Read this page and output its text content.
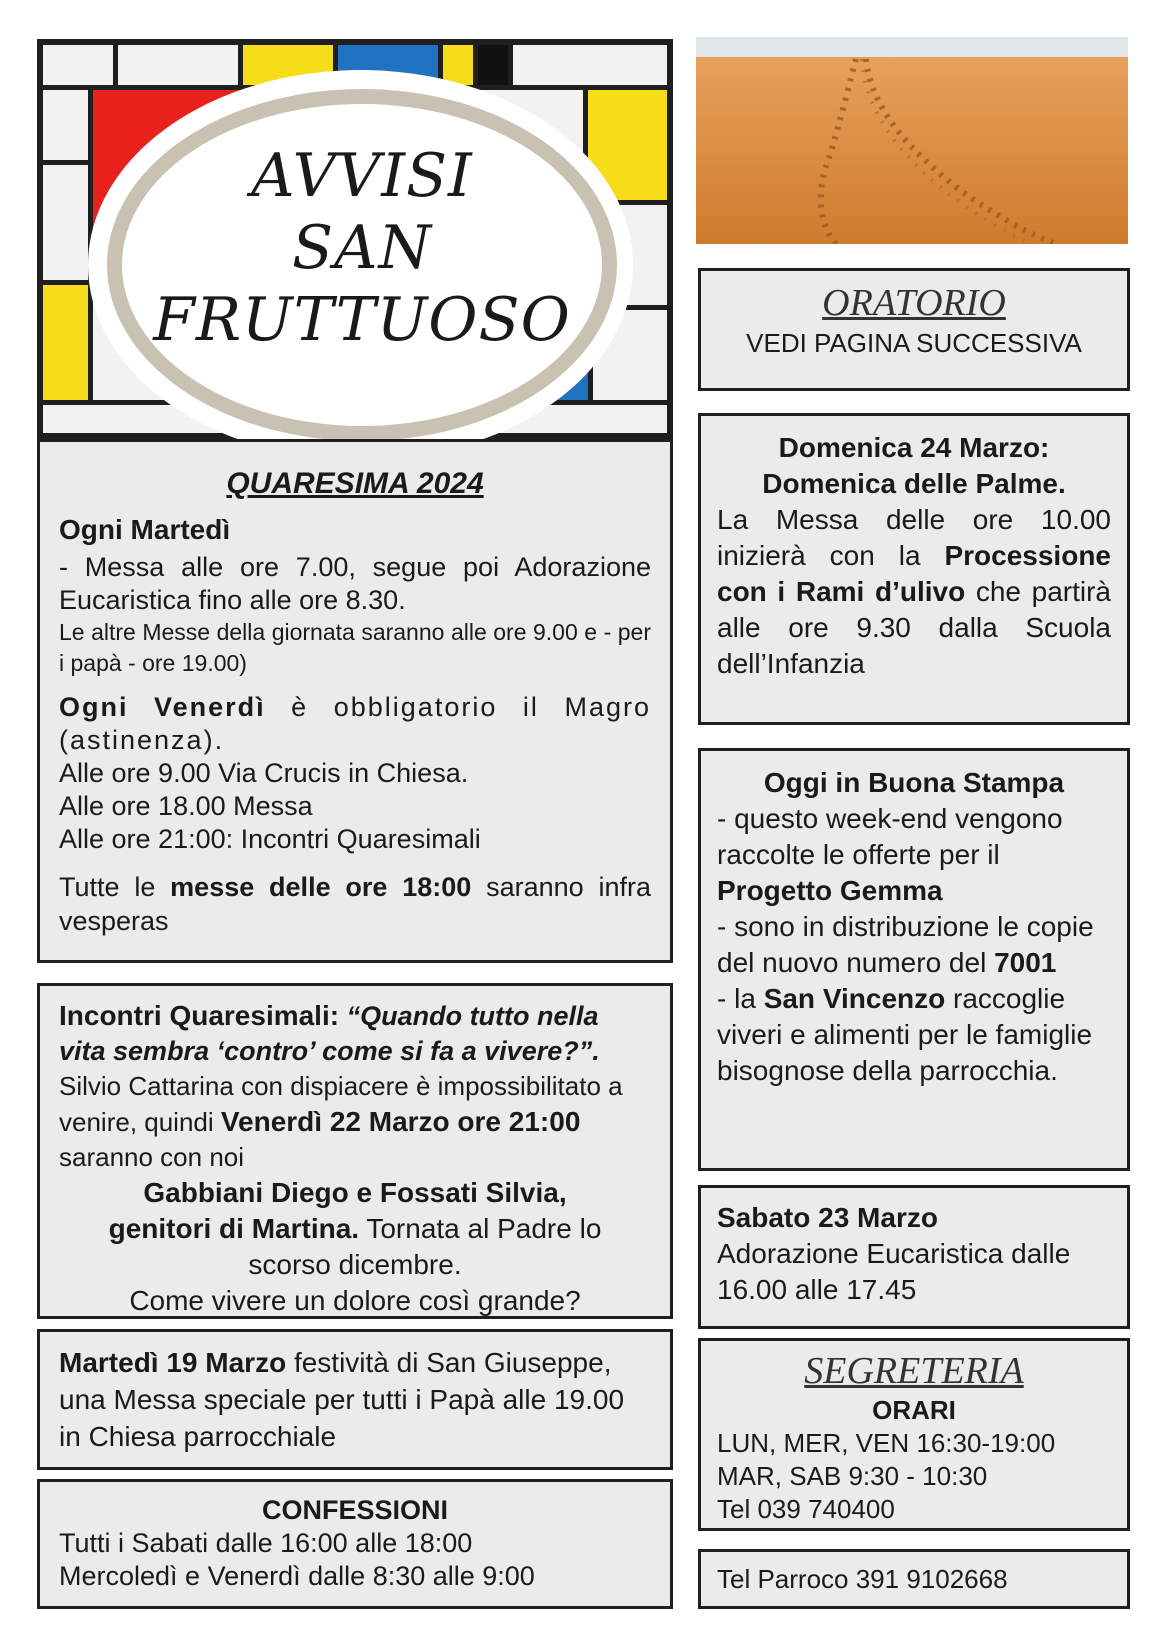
AVVISI
SAN
FRUTTUOSO

QUARESIMA 2024

Ogni Martedì

- Messa alle ore 7.00, segue poi Adorazione Eucaristica fino alle ore 8.30.

Le altre Messe della giornata saranno alle ore 9.00 e - per i papà - ore 19.00)

Ogni Venerdì è obbligatorio il Magro (astinenza).

Alle ore 9.00 Via Crucis in Chiesa.

Alle ore 18.00 Messa

Alle ore 21:00: Incontri Quaresimali

Tutte le messe delle ore 18:00 saranno infra vesperas

Incontri Quaresimali: “Quando tutto nella vita sembra ‘contro’ come si fa a vivere?”. Silvio Cattarina con dispiacere è impossibilitato a venire, quindi Venerdì 22 Marzo ore 21:00 saranno con noi

Gabbiani Diego e Fossati Silvia, genitori di Martina. Tornata al Padre lo scorso dicembre.

Come vivere un dolore così grande?

Martedì 19 Marzo festività di San Giuseppe, una Messa speciale per tutti i Papà alle 19.00 in Chiesa parrocchiale

CONFESSIONI

Tutti i Sabati dalle 16:00 alle 18:00

Mercoledì e Venerdì dalle 8:30 alle 9:00

ORATORIO

VEDI PAGINA SUCCESSIVA

Domenica 24 Marzo:

Domenica delle Palme.

La Messa delle ore 10.00 inizierà con la Processione con i Rami d’ulivo che partirà alle ore 9.30 dalla Scuola dell’Infanzia

Oggi in Buona Stampa

- questo week-end vengono raccolte le offerte per il Progetto Gemma

- sono in distribuzione le copie del nuovo numero del 7001

- la San Vincenzo raccoglie viveri e alimenti per le famiglie bisognose della parrocchia.

Sabato 23 Marzo

Adorazione Eucaristica dalle 16.00 alle 17.45

SEGRETERIA

ORARI

LUN, MER, VEN 16:30-19:00

MAR, SAB 9:30 - 10:30

Tel 039 740400

Tel Parroco 391 9102668
